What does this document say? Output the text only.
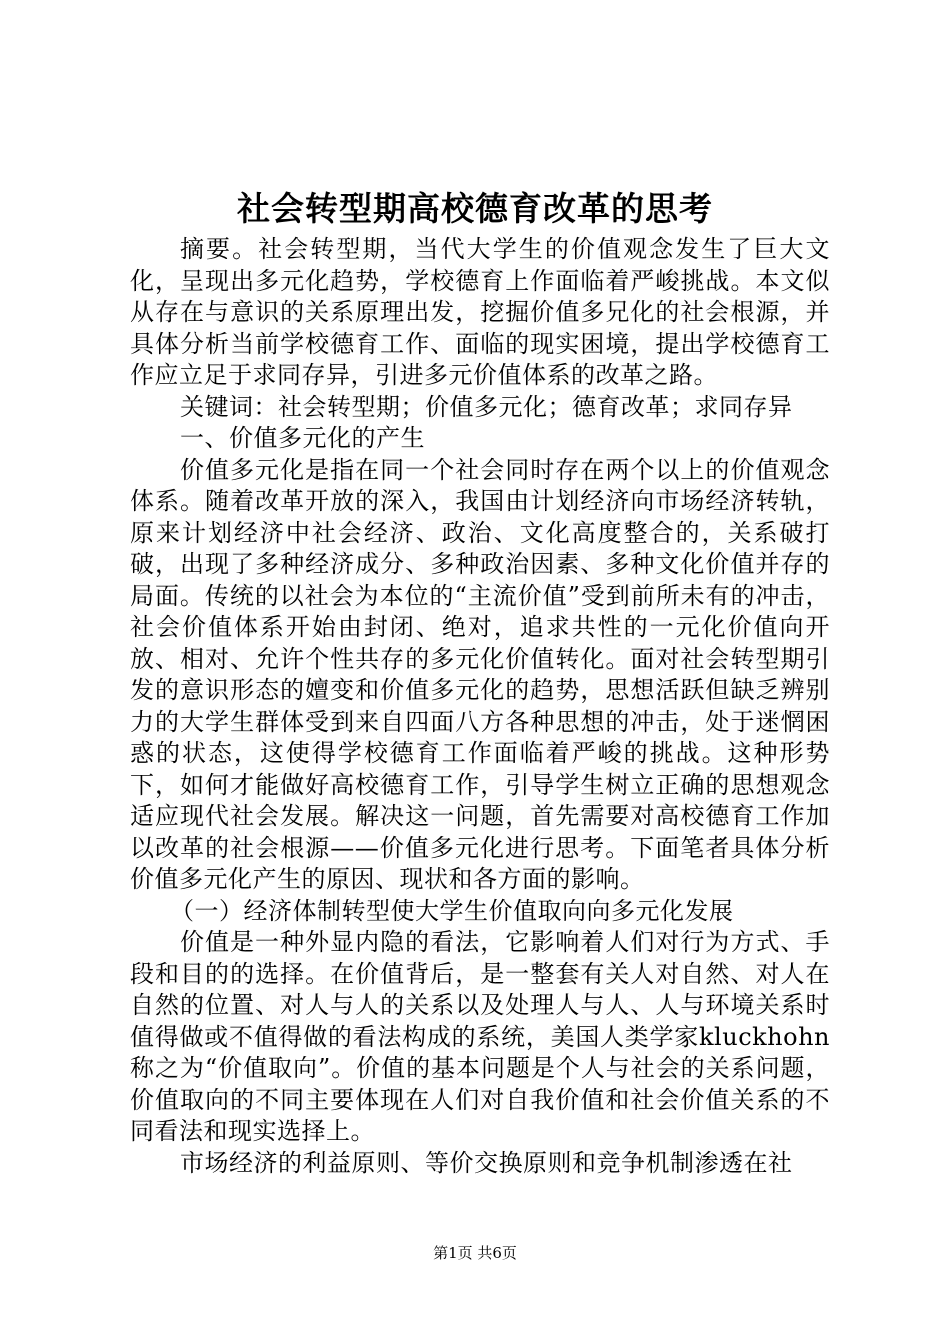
社会转型期高校德育改革的思考

摘要。社会转型期，当代大学生的价值观念发生了巨大文化，呈现出多元化趋势，学校德育上作面临着严峻挑战。本文似从存在与意识的关系原理出发，挖掘价值多兄化的社会根源，并具体分析当前学校德育工作、面临的现实困境，提出学校德育工作应立足于求同存异，引进多元价值体系的改革之路。

关键词：社会转型期；价值多元化；德育改革；求同存异

一、价值多元化的产生

价值多元化是指在同一个社会同时存在两个以上的价值观念体系。随着改革开放的深入，我国由计划经济向市场经济转轨，原来计划经济中社会经济、政治、文化高度整合的，关系破打破，出现了多种经济成分、多种政治因素、多种文化价值并存的局面。传统的以社会为本位的“主流价值”受到前所未有的冲击，社会价值体系开始由封闭、绝对，追求共性的一元化价值向开放、相对、允许个性共存的多元化价值转化。面对社会转型期引发的意识形态的嬗变和价值多元化的趋势，思想活跃但缺乏辨别力的大学生群体受到来自四面八方各种思想的冲击，处于迷惘困惑的状态，这使得学校德育工作面临着严峻的挑战。这种形势下，如何才能做好高校德育工作，引导学生树立正确的思想观念适应现代社会发展。解决这一问题，首先需要对高校德育工作加以改革的社会根源——价值多元化进行思考。下面笔者具体分析价值多元化产生的原因、现状和各方面的影响。

（一）经济体制转型使大学生价值取向向多元化发展

价值是一种外显内隐的看法，它影响着人们对行为方式、手段和目的的选择。在价值背后，是一整套有关人对自然、对人在自然的位置、对人与人的关系以及处理人与人、人与环境关系时值得做或不值得做的看法构成的系统，美国人类学家kluckhohn称之为“价值取向”。价值的基本问题是个人与社会的关系问题，价值取向的不同主要体现在人们对自我价值和社会价值关系的不同看法和现实选择上。

市场经济的利益原则、等价交换原则和竞争机制渗透在社

第1页 共6页
